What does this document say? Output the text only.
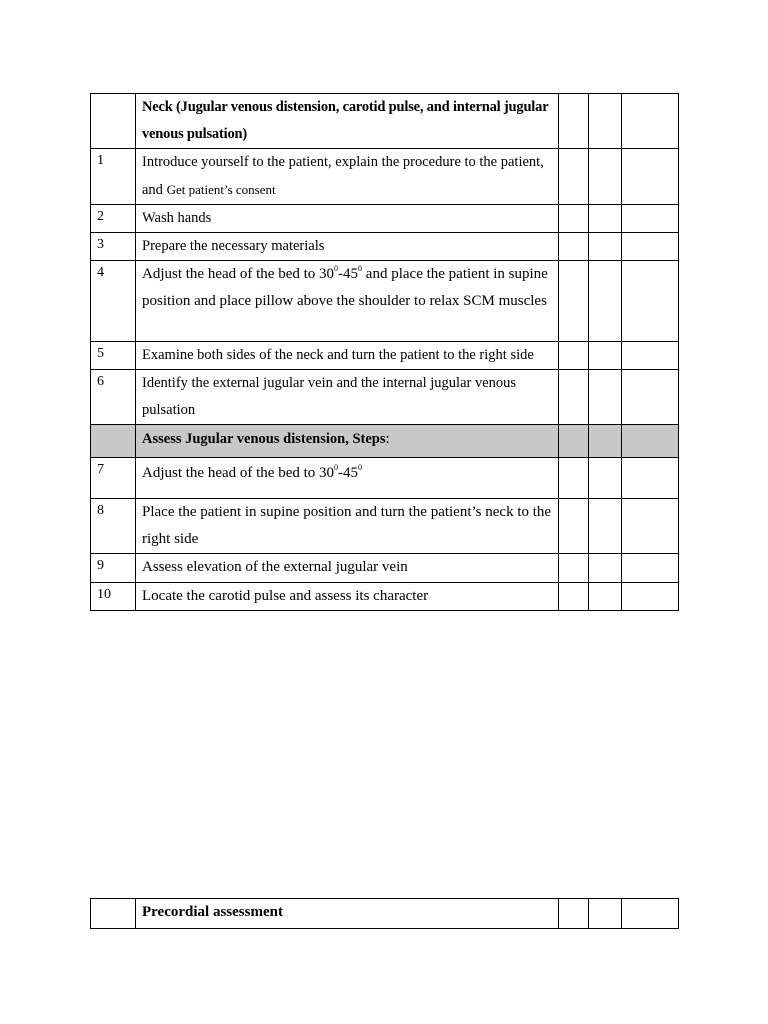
	Neck (Jugular venous distension, carotid pulse, and internal jugular venous pulsation)			
1	Introduce yourself to the patient, explain the procedure to the patient, and Get patient’s consent			
2	Wash hands			
3	Prepare the necessary materials			
4	Adjust the head of the bed to $30^0-45^0$ and place the patient in supine position and place pillow above the shoulder to relax SCM muscles			
5	Examine both sides of the neck and turn the patient to the right side			
6	Identify the external jugular vein and the internal jugular venous pulsation			
	Assess Jugular venous distension, Steps:			
7	Adjust the head of the bed to $30^0-45^0$			
8	Place the patient in supine position and turn the patient’s neck to the right side			
9	Assess elevation of the external jugular vein			
10	Locate the carotid pulse and assess its character			
	Precordial assessment			
